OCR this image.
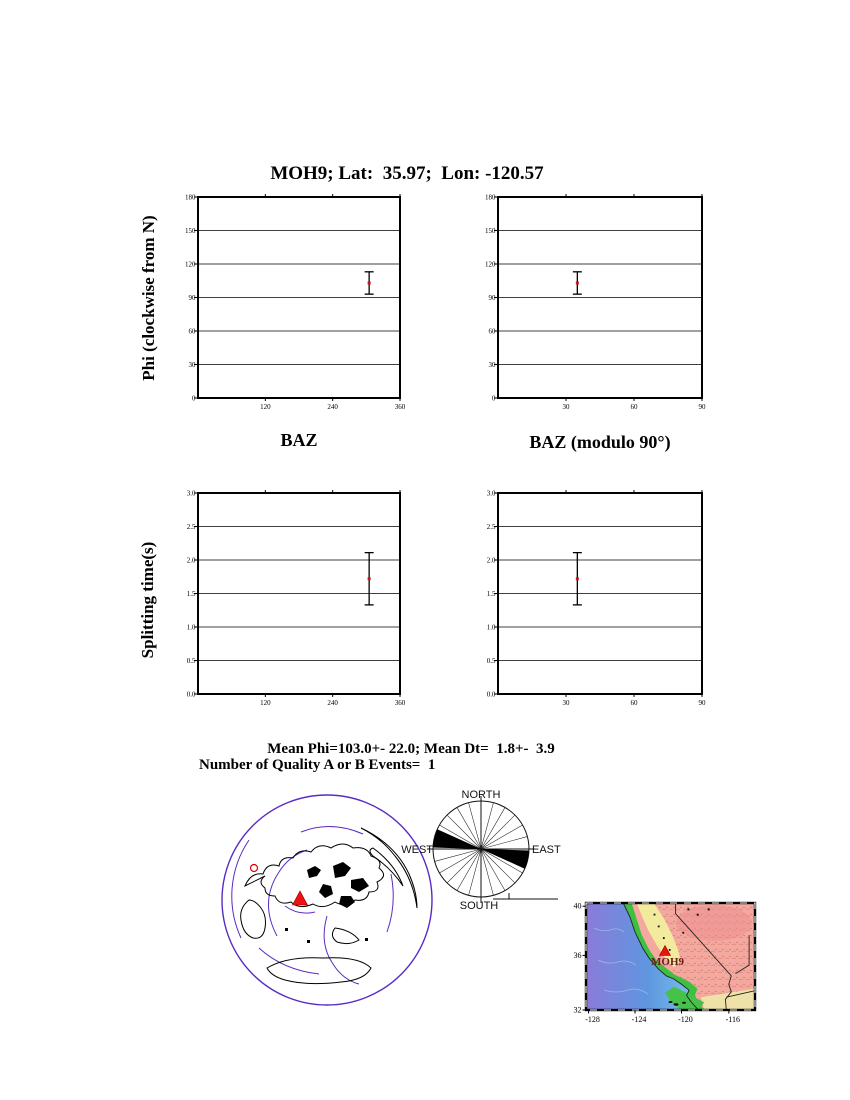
MOH9; Lat:  35.97;  Lon: -120.57
Phi (clockwise from N)
Splitting time(s)
0
30
60
90
120
150
180
120	240	360
0
30
60
90
120
150
180
30	60	90
0.0
0.5
1.0
1.5
2.0
2.5
3.0
120	240	360
0.0
0.5
1.0
1.5
2.0
2.5
3.0
30	60	90
BAZ	BAZ (modulo 90°)
Mean Phi=103.0+- 22.0; Mean Dt=  1.8+-  3.9
Number of Quality A or B Events=  1
NORTH
SOUTH
EAST
WEST
MOH9
-128	-124	-120	-116
40
36
32
